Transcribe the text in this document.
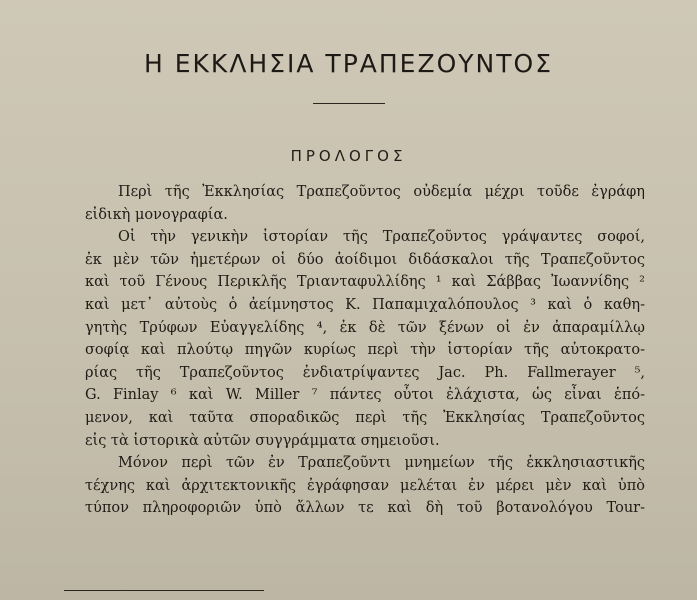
Η ΕΚΚΛΗΣΙΑ ΤΡΑΠΕΖΟΥΝΤΟΣ
ΠΡΟΛΟΓΟΣ
Περὶ τῆς Ἐκκλησίας Τραπεζοῦντος οὐδεμία μέχρι τοῦδε ἐγράφη
εἰδικὴ μονογραφία.
Οἱ τὴν γενικὴν ἱστορίαν τῆς Τραπεζοῦντος γράψαντες σοφοί,
ἐκ μὲν τῶν ἡμετέρων οἱ δύο ἀοίδιμοι διδάσκαλοι τῆς Τραπεζοῦντος
καὶ τοῦ Γένους Περικλῆς Τριανταφυλλίδης ¹ καὶ Σάββας Ἰωαννίδης ²
καὶ μετ᾿ αὐτοὺς ὁ ἀείμνηστος Κ. Παπαμιχαλόπουλος ³ καὶ ὁ καθη-
γητὴς Τρύφων Εὐαγγελίδης ⁴, ἐκ δὲ τῶν ξένων οἱ ἐν ἀπαραμίλλῳ
σοφίᾳ καὶ πλούτῳ πηγῶν κυρίως περὶ τὴν ἱστορίαν τῆς αὐτοκρατο-
ρίας τῆς Τραπεζοῦντος ἐνδιατρίψαντες Jac. Ph. Fallmerayer ⁵,
G. Finlay ⁶ καὶ W. Miller ⁷ πάντες οὗτοι ἐλάχιστα, ὡς εἶναι ἑπό-
μενον, καὶ ταῦτα σποραδικῶς περὶ τῆς Ἐκκλησίας Τραπεζοῦντος
εἰς τὰ ἱστορικὰ αὐτῶν συγγράμματα σημειοῦσι.
Μόνον περὶ τῶν ἐν Τραπεζοῦντι μνημείων τῆς ἐκκλησιαστικῆς
τέχνης καὶ ἀρχιτεκτονικῆς ἐγράφησαν μελέται ἐν μέρει μὲν καὶ ὑπὸ
τύπον πληροφοριῶν ὑπὸ ἄλλων τε καὶ δὴ τοῦ βοτανολόγου Tour-
